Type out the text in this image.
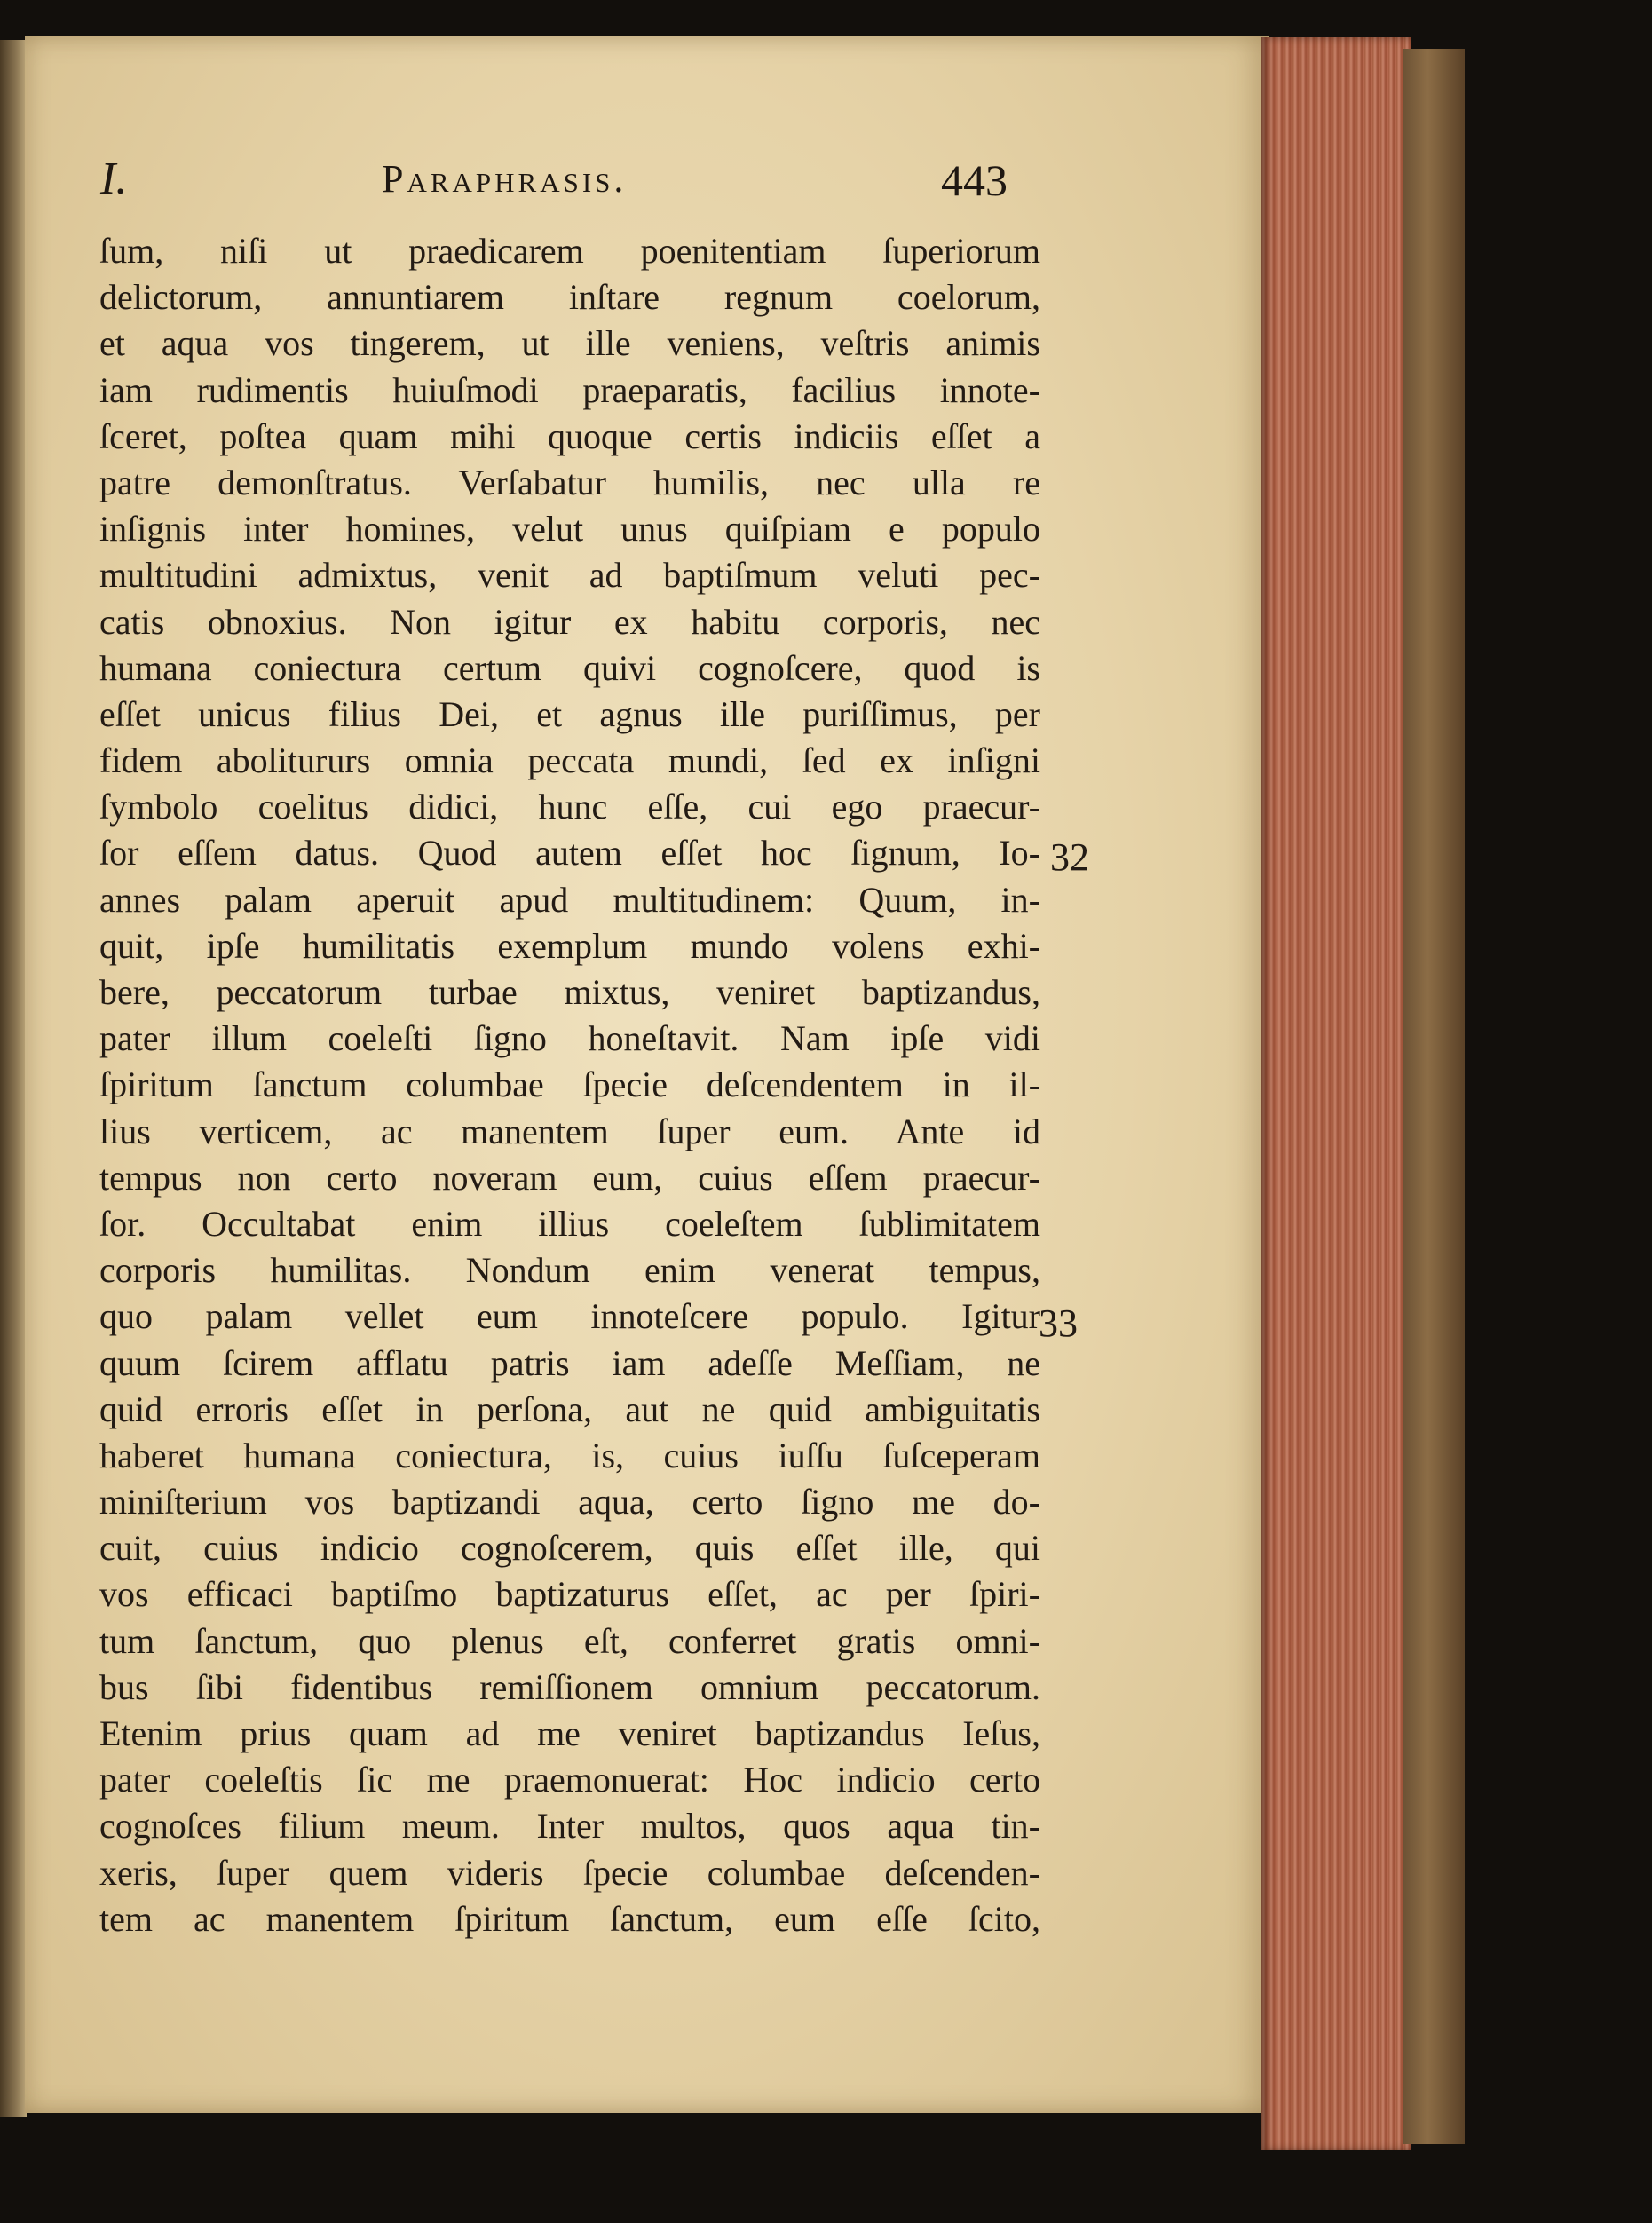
I.	Paraphrasis.	443
ſum, niſi ut praedicarem poenitentiam ſuperiorum
delictorum, annuntiarem inſtare regnum coelorum,
et aqua vos tingerem, ut ille veniens, veſtris animis
iam rudimentis huiuſmodi praeparatis, facilius innote-
ſceret, poſtea quam mihi quoque certis indiciis eſſet a
patre demonſtratus. Verſabatur humilis, nec ulla re
inſignis inter homines, velut unus quiſpiam e populo
multitudini admixtus, venit ad baptiſmum veluti pec-
catis obnoxius. Non igitur ex habitu corporis, nec
humana coniectura certum quivi cognoſcere, quod is
eſſet unicus filius Dei, et agnus ille puriſſimus, per
fidem abolitururs omnia peccata mundi, ſed ex inſigni
ſymbolo coelitus didici, hunc eſſe, cui ego praecur-
ſor eſſem datus. Quod autem eſſet hoc ſignum, Io-
annes palam aperuit apud multitudinem: Quum, in-
quit, ipſe humilitatis exemplum mundo volens exhi-
bere, peccatorum turbae mixtus, veniret baptizandus,
pater illum coeleſti ſigno honeſtavit. Nam ipſe vidi
ſpiritum ſanctum columbae ſpecie deſcendentem in il-
lius verticem, ac manentem ſuper eum. Ante id
tempus non certo noveram eum, cuius eſſem praecur-
ſor. Occultabat enim illius coeleſtem ſublimitatem
corporis humilitas. Nondum enim venerat tempus,
quo palam vellet eum innoteſcere populo. Igitur
quum ſcirem afflatu patris iam adeſſe Meſſiam, ne
quid erroris eſſet in perſona, aut ne quid ambiguitatis
haberet humana coniectura, is, cuius iuſſu ſuſceperam
miniſterium vos baptizandi aqua, certo ſigno me do-
cuit, cuius indicio cognoſcerem, quis eſſet ille, qui
vos efficaci baptiſmo baptizaturus eſſet, ac per ſpiri-
tum ſanctum, quo plenus eſt, conferret gratis omni-
bus ſibi fidentibus remiſſionem omnium peccatorum.
Etenim prius quam ad me veniret baptizandus Ieſus,
pater coeleſtis ſic me praemonuerat: Hoc indicio certo
cognoſces filium meum. Inter multos, quos aqua tin-
xeris, ſuper quem videris ſpecie columbae deſcenden-
tem ac manentem ſpiritum ſanctum, eum eſſe ſcito,
32
33
